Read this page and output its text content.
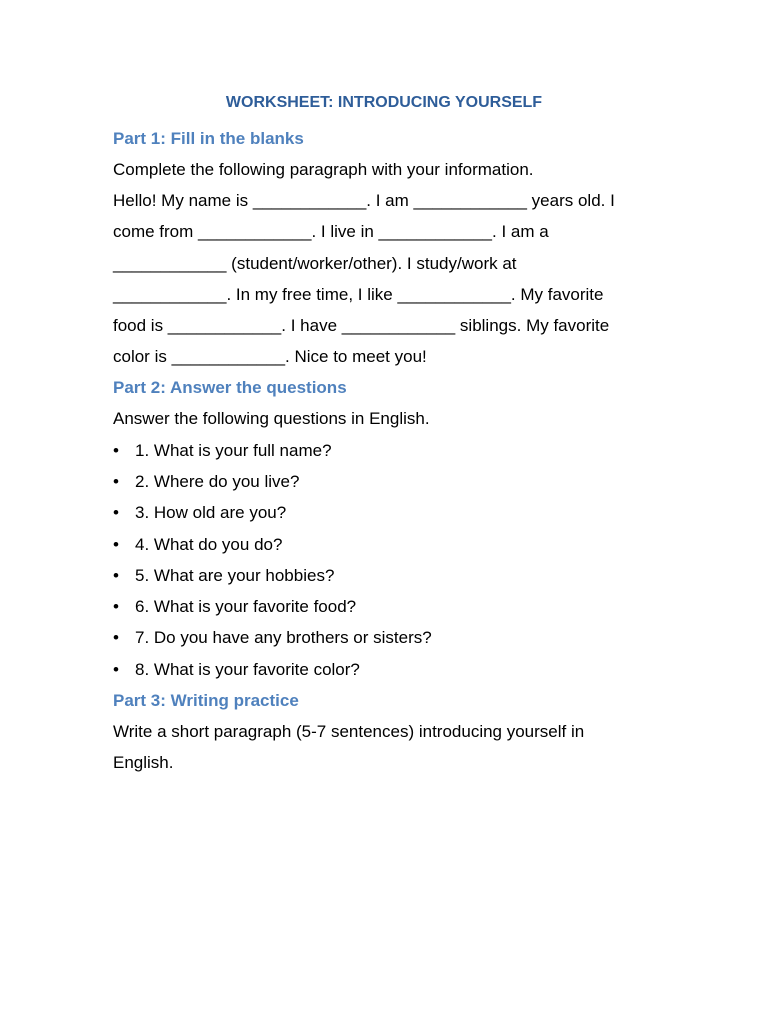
WORKSHEET: INTRODUCING YOURSELF
Part 1: Fill in the blanks
Complete the following paragraph with your information.
Hello! My name is ____________. I am ____________ years old. I
come from ____________. I live in ____________. I am a
____________ (student/worker/other). I study/work at
____________. In my free time, I like ____________. My favorite
food is ____________. I have ____________ siblings. My favorite
color is ____________. Nice to meet you!
Part 2: Answer the questions
Answer the following questions in English.
• 1. What is your full name?
• 2. Where do you live?
• 3. How old are you?
• 4. What do you do?
• 5. What are your hobbies?
• 6. What is your favorite food?
• 7. Do you have any brothers or sisters?
• 8. What is your favorite color?
Part 3: Writing practice
Write a short paragraph (5-7 sentences) introducing yourself in
English.
